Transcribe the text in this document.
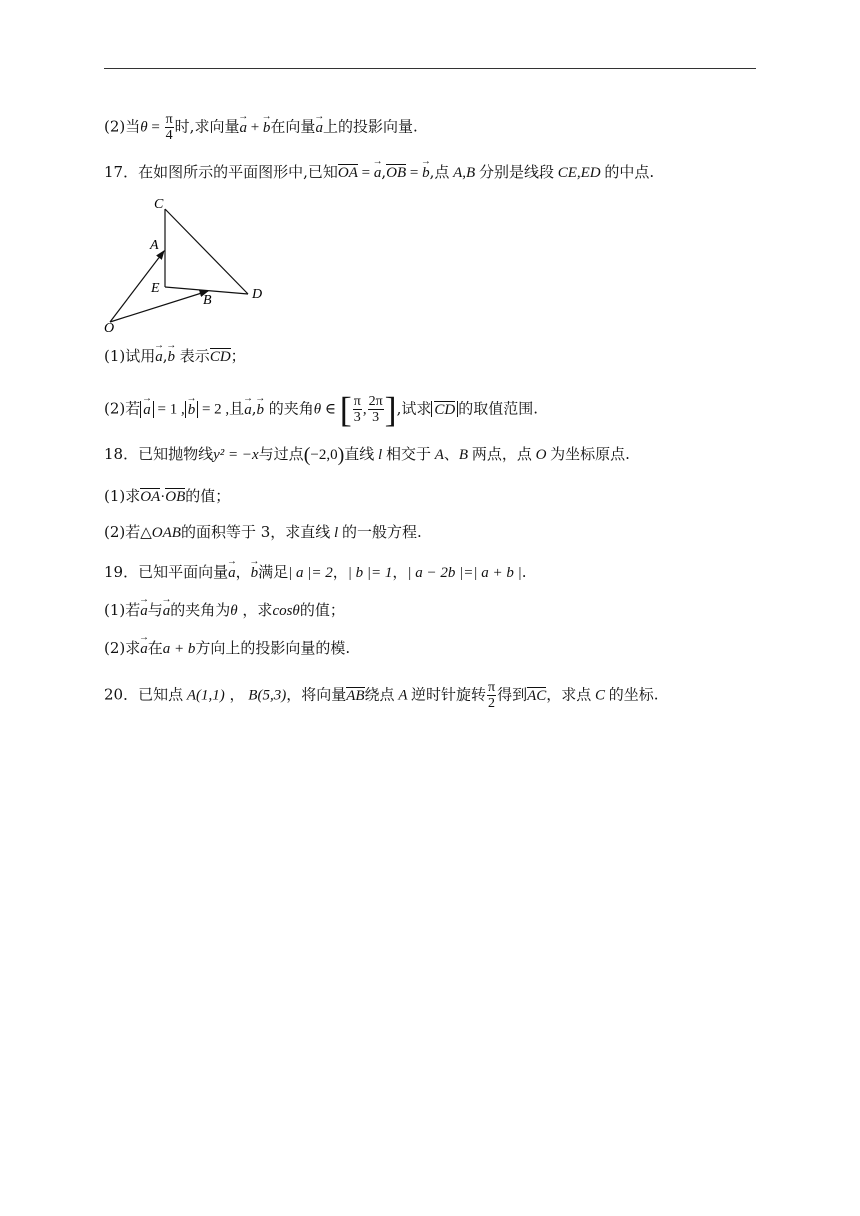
(2)当$\theta = \frac{\pi}{4}$ 时,求向量→ a + → b在向量→ a上的投影向量.
17．在如图所示的平面图形中,已知OA = → a,OB = → b,点 A,B 分别是线段 CE,ED 的中点.
C
A
E
B	D
O
(1)试用→ a,→ b 表示CD；
(2)若 → a = 1 , → b = 2 ,且→ a,→ b 的夹角θ ∈ [ $\frac{\pi}{3}$ , $\frac{2\pi}{3}$ ],试求 CD 的取值范围.
18．已知抛物线y² = −x与过点(−2,0)直线 l 相交于 A、B 两点，点 O 为坐标原点.
(1)求OA·OB的值；
(2)若△OAB的面积等于 3，求直线 l 的一般方程.
19．已知平面向量→ a，→ b满足| a |= 2，| b |= 1，| a − 2b |=| a + b |.
(1)若→ a与→ a的夹角为θ ，求cosθ的值；
(2)求→ a在a + b方向上的投影向量的模.
20．已知点 A(1,1) ， B(5,3)，将向量AB绕点 A 逆时针旋转 $\frac{\pi}{2}$ 得到AC，求点 C 的坐标.
